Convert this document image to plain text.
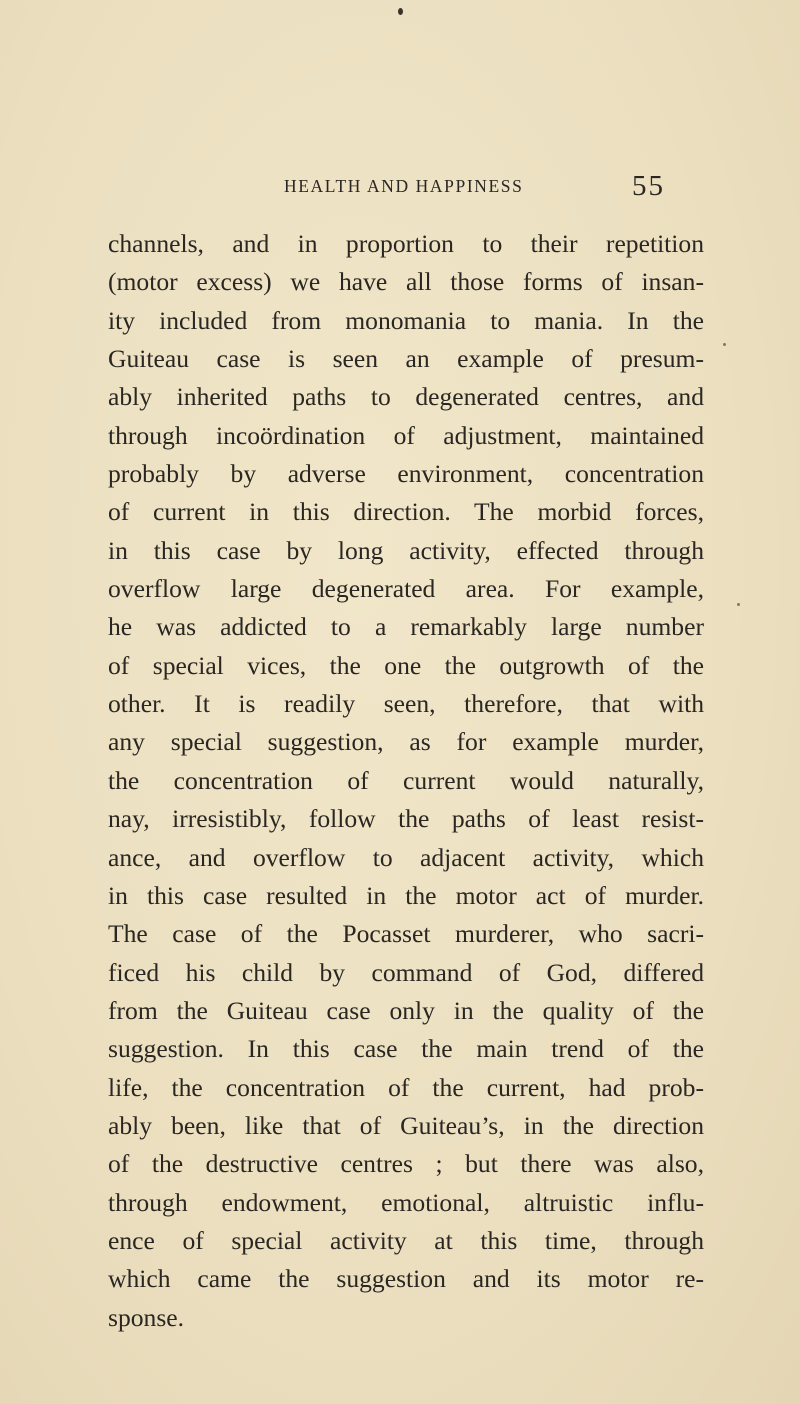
HEALTH AND HAPPINESS	55
channels, and in proportion to their repetition
(motor excess) we have all those forms of insan-
ity included from monomania to mania. In the
Guiteau case is seen an example of presum-
ably inherited paths to degenerated centres, and
through incoördination of adjustment, maintained
probably by adverse environment, concentration
of current in this direction. The morbid forces,
in this case by long activity, effected through
overflow large degenerated area. For example,
he was addicted to a remarkably large number
of special vices, the one the outgrowth of the
other. It is readily seen, therefore, that with
any special suggestion, as for example murder,
the concentration of current would naturally,
nay, irresistibly, follow the paths of least resist-
ance, and overflow to adjacent activity, which
in this case resulted in the motor act of murder.
The case of the Pocasset murderer, who sacri-
ficed his child by command of God, differed
from the Guiteau case only in the quality of the
suggestion. In this case the main trend of the
life, the concentration of the current, had prob-
ably been, like that of Guiteau’s, in the direction
of the destructive centres ; but there was also,
through endowment, emotional, altruistic influ-
ence of special activity at this time, through
which came the suggestion and its motor re-
sponse.
